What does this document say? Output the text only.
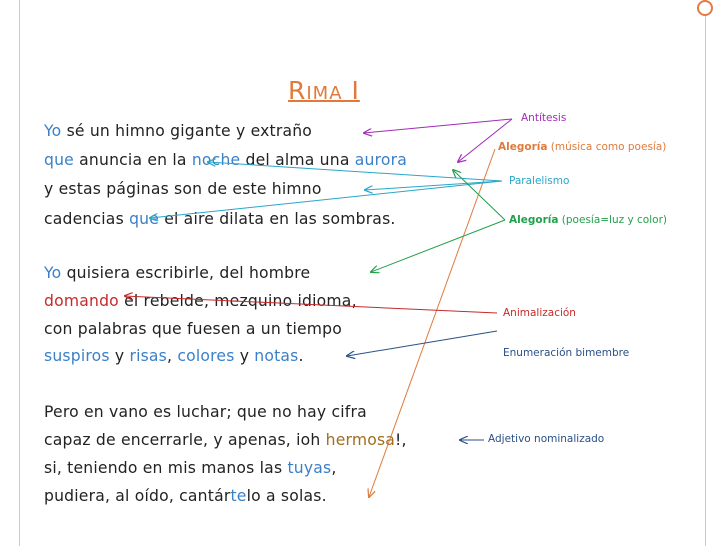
Rima I
Yo sé un himno gigante y extraño
que anuncia en la noche del alma una aurora
y estas páginas son de este himno
cadencias que el aire dilata en las sombras.
Yo quisiera escribirle, del hombre
domando el rebelde, mezquino idioma,
con palabras que fuesen a un tiempo
suspiros y risas, colores y notas.
Pero en vano es luchar; que no hay cifra
capaz de encerrarle, y apenas, ioh hermosa!,
si, teniendo en mis manos las tuyas,
pudiera, al oído, cantártelo a solas.
Antítesis
Alegoría (música como poesía)
Paralelismo
Alegoría (poesía=luz y color)
Animalización
Enumeración bimembre
Adjetivo nominalizado
